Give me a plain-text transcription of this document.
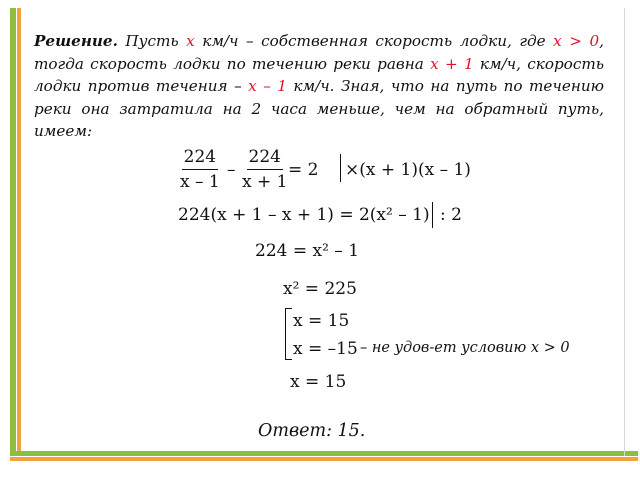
Решение. Пусть x км/ч – собственная скорость лодки, где x > 0, тогда скорость лодки по течению реки равна x + 1 км/ч, скорость лодки против течения – x – 1 км/ч. Зная, что на путь по течению реки она затратила на 2 часа меньше, чем на обратный путь, имеем:
$\frac{224}{x - 1} - \frac{224}{x + 1}$
= 2 ×(x + 1)(x – 1)
224(x + 1 – x + 1) = 2(x² – 1) : 2
224 = x² – 1
x² = 225
x = 15
x = –15 – не удов-ет условию x > 0
x = 15
Ответ: 15.
